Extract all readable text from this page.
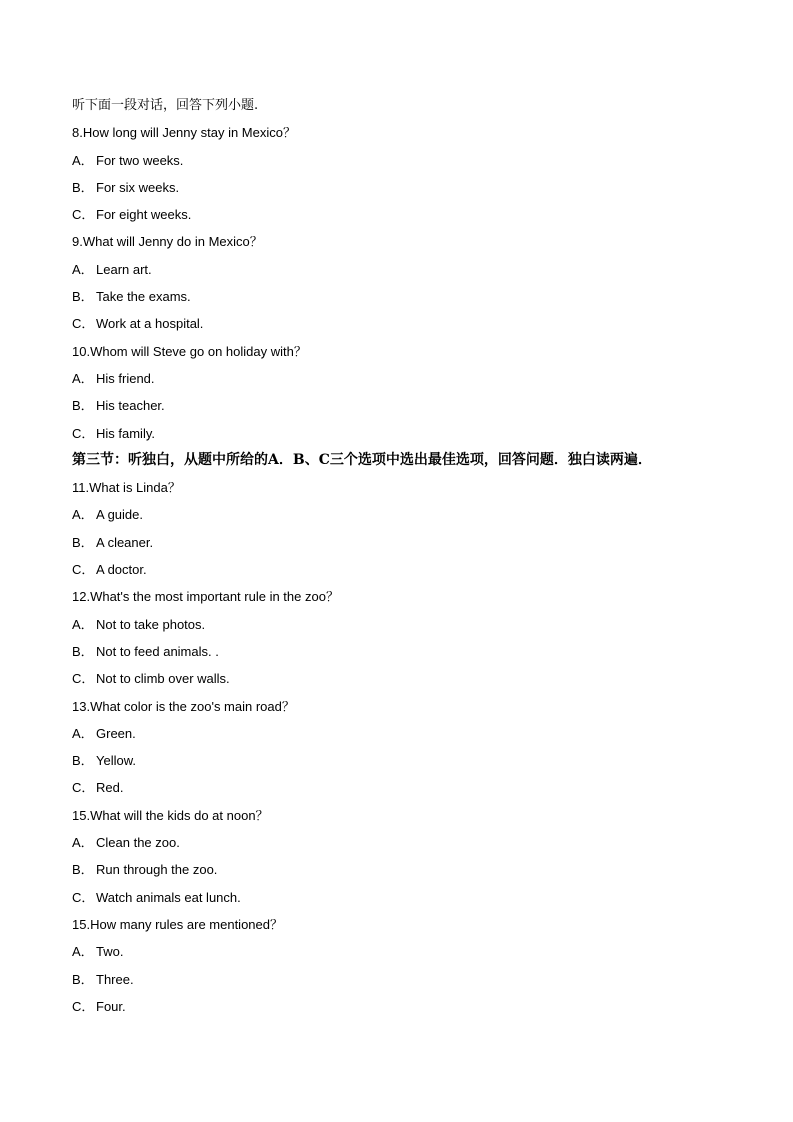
听下面一段对话，回答下列小题.
8.How long will Jenny stay in Mexico？
A． For two weeks.
B． For six weeks.
C． For eight weeks.
9.What will Jenny do in Mexico？
A． Learn art.
B． Take the exams.
C． Work at a hospital.
10.Whom will Steve go on holiday with？
A． His friend.
B． His teacher.
C． His family.
第三节：听独白，从题中所给的A．B、C三个选项中选出最佳选项，回答问题．独白读两遍．
11.What is Linda？
A． A guide.
B． A cleaner.
C． A doctor.
12.What's the most important rule in the zoo？
A． Not to take photos.
B． Not to feed animals. .
C． Not to climb over walls.
13.What color is the zoo's main road？
A． Green.
B． Yellow.
C． Red.
15.What will the kids do at noon？
A． Clean the zoo.
B． Run through the zoo.
C． Watch animals eat lunch.
15.How many rules are mentioned？
A． Two.
B． Three.
C． Four.
